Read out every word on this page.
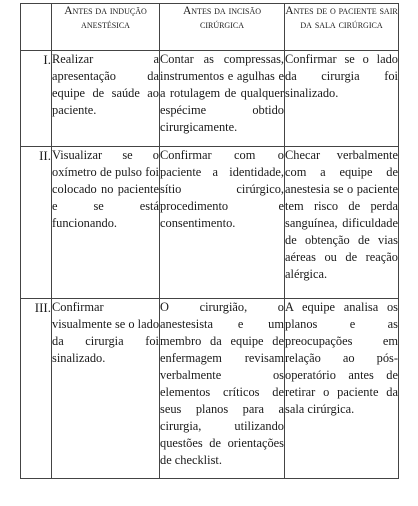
	Antes da indução anestésica	Antes da incisão cirúrgica	Antes de o paciente sair da sala cirúrgica
I.	Realizar a apresentação da equipe de saúde ao paciente.	Contar as compressas, instrumentos e agulhas e a rotulagem de qualquer espécime obtido cirurgicamente.	Confirmar se o lado da cirurgia foi sinalizado.
II.	Visualizar se o oxímetro de pulso foi colocado no paciente e se está funcionando.	Confirmar com o paciente a identidade, sítio cirúrgico, procedimento e consentimento.	Checar verbalmente com a equipe de anestesia se o paciente tem risco de perda sanguínea, dificuldade de obtenção de vias aéreas ou de reação alérgica.
III.	Confirmar visualmente se o lado da cirurgia foi sinalizado.	O cirurgião, o anestesista e um membro da equipe de enfermagem revisam verbalmente os elementos críticos de seus planos para a cirurgia, utilizando questões de orientações de checklist.	A equipe analisa os planos e as preocupações em relação ao pós-operatório antes de retirar o paciente da sala cirúrgica.
